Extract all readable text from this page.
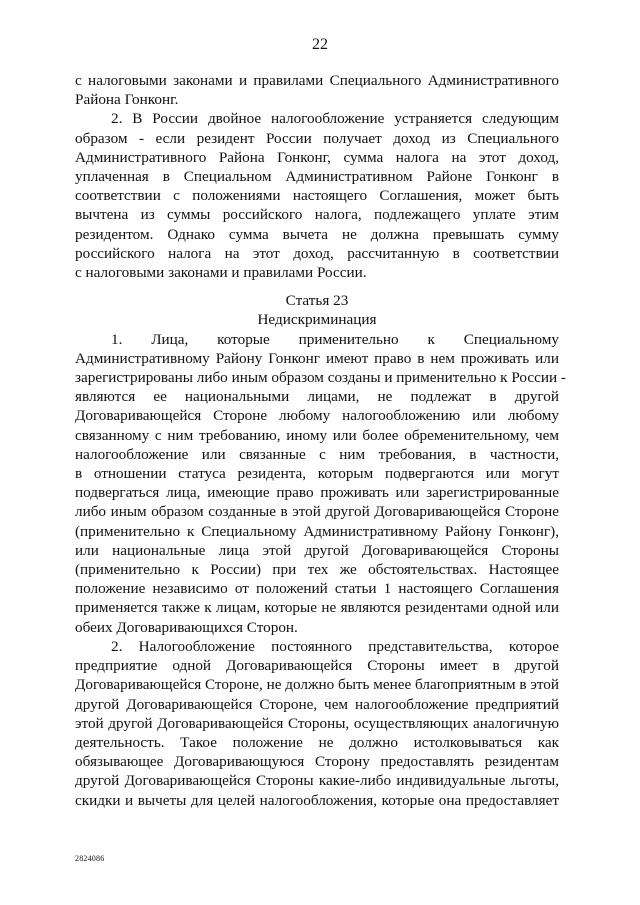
22
с налоговыми законами и правилами Специального Административного
Района Гонконг.
2. В России двойное налогообложение устраняется следующим
образом - если резидент России получает доход из Специального
Административного Района Гонконг, сумма налога на этот доход,
уплаченная в Специальном Административном Районе Гонконг в
соответствии с положениями настоящего Соглашения, может быть
вычтена из суммы российского налога, подлежащего уплате этим
резидентом. Однако сумма вычета не должна превышать сумму
российского налога на этот доход, рассчитанную в соответствии
с налоговыми законами и правилами России.
Статья 23
Недискриминация
1. Лица, которые применительно к Специальному
Административному Району Гонконг имеют право в нем проживать или
зарегистрированы либо иным образом созданы и применительно к России -
являются ее национальными лицами, не подлежат в другой
Договаривающейся Стороне любому налогообложению или любому
связанному с ним требованию, иному или более обременительному, чем
налогообложение или связанные с ним требования, в частности,
в отношении статуса резидента, которым подвергаются или могут
подвергаться лица, имеющие право проживать или зарегистрированные
либо иным образом созданные в этой другой Договаривающейся Стороне
(применительно к Специальному Административному Району Гонконг),
или национальные лица этой другой Договаривающейся Стороны
(применительно к России) при тех же обстоятельствах. Настоящее
положение независимо от положений статьи 1 настоящего Соглашения
применяется также к лицам, которые не являются резидентами одной или
обеих Договаривающихся Сторон.
2. Налогообложение постоянного представительства, которое
предприятие одной Договаривающейся Стороны имеет в другой
Договаривающейся Стороне, не должно быть менее благоприятным в этой
другой Договаривающейся Стороне, чем налогообложение предприятий
этой другой Договаривающейся Стороны, осуществляющих аналогичную
деятельность. Такое положение не должно истолковываться как
обязывающее Договаривающуюся Сторону предоставлять резидентам
другой Договаривающейся Стороны какие-либо индивидуальные льготы,
скидки и вычеты для целей налогообложения, которые она предоставляет
2824086
